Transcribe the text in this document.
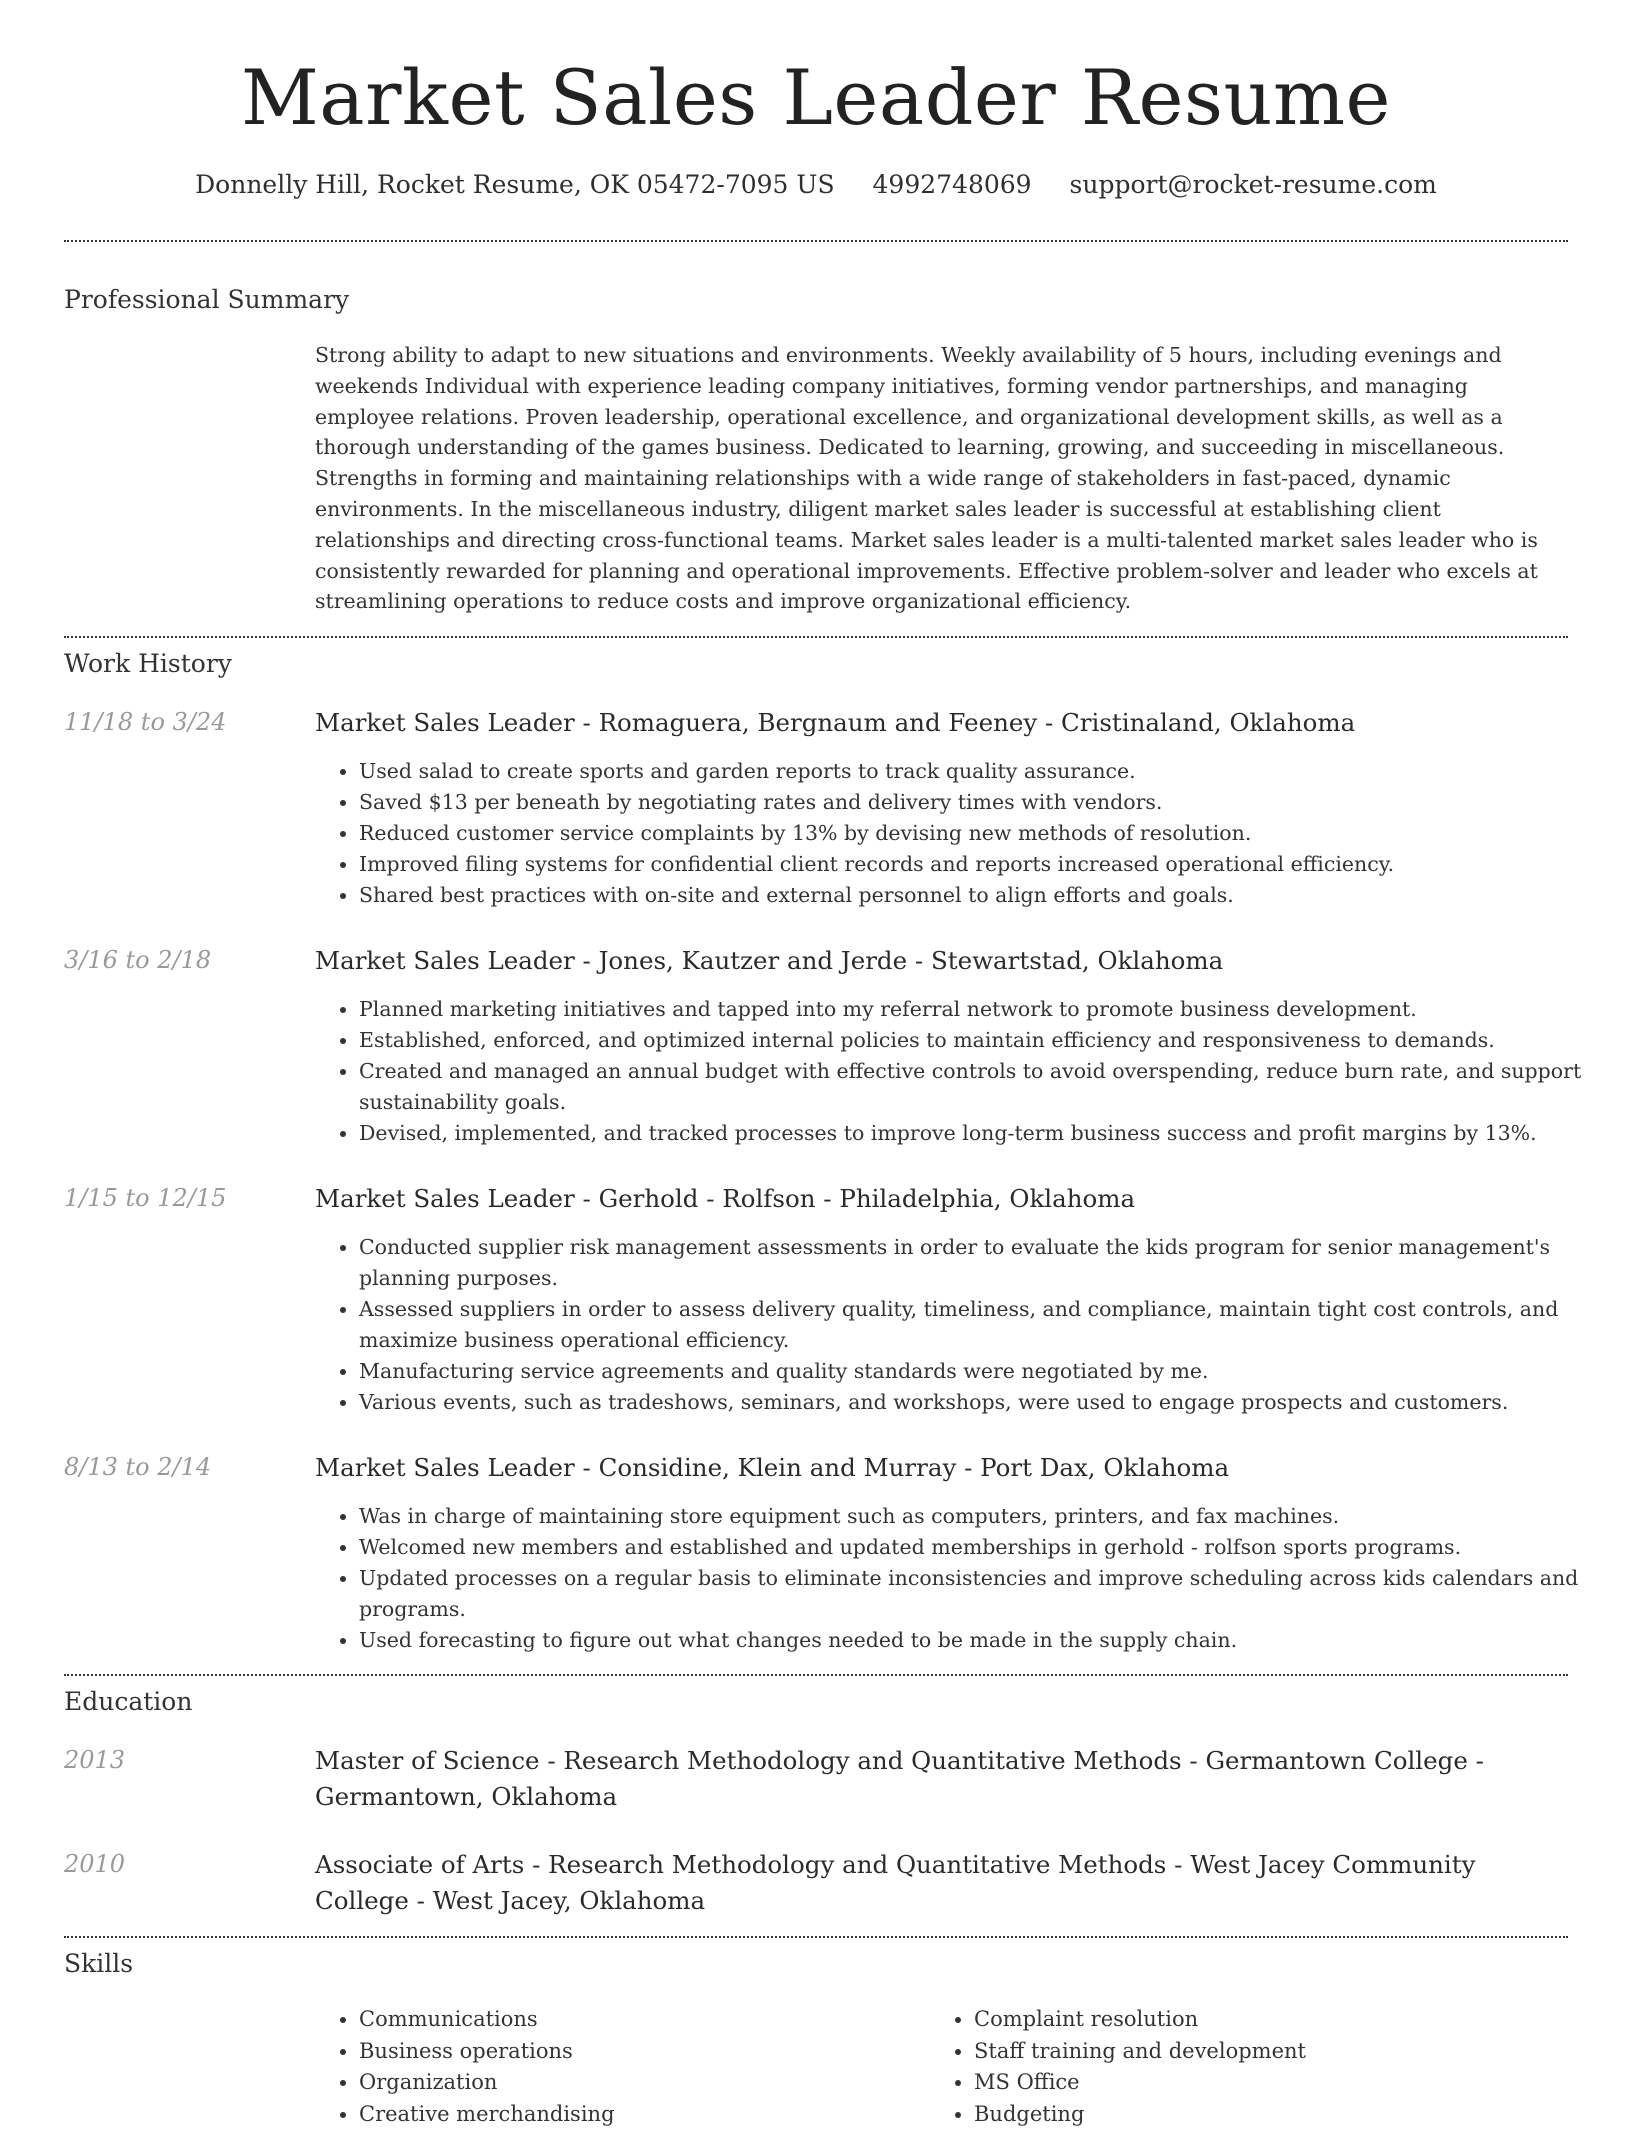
Market Sales Leader Resume
Donnelly Hill, Rocket Resume, OK 05472-7095 US 4992748069 support@rocket-resume.com
Professional Summary

Strong ability to adapt to new situations and environments. Weekly availability of 5 hours, including evenings and weekends Individual with experience leading company initiatives, forming vendor partnerships, and managing employee relations. Proven leadership, operational excellence, and organizational development skills, as well as a thorough understanding of the games business. Dedicated to learning, growing, and succeeding in miscellaneous. Strengths in forming and maintaining relationships with a wide range of stakeholders in fast-paced, dynamic environments. In the miscellaneous industry, diligent market sales leader is successful at establishing client relationships and directing cross-functional teams. Market sales leader is a multi-talented market sales leader who is consistently rewarded for planning and operational improvements. Effective problem-solver and leader who excels at streamlining operations to reduce costs and improve organizational efficiency.

Work History
11/18 to 3/24	Market Sales Leader - Romaguera, Bergnaum and Feeney - Cristinaland, Oklahoma
• Used salad to create sports and garden reports to track quality assurance.
• Saved $13 per beneath by negotiating rates and delivery times with vendors.
• Reduced customer service complaints by 13% by devising new methods of resolution.
• Improved filing systems for confidential client records and reports increased operational efficiency.
• Shared best practices with on-site and external personnel to align efforts and goals.
3/16 to 2/18	Market Sales Leader - Jones, Kautzer and Jerde - Stewartstad, Oklahoma
• Planned marketing initiatives and tapped into my referral network to promote business development.
• Established, enforced, and optimized internal policies to maintain efficiency and responsiveness to demands.
• Created and managed an annual budget with effective controls to avoid overspending, reduce burn rate, and support sustainability goals.
• Devised, implemented, and tracked processes to improve long-term business success and profit margins by 13%.
1/15 to 12/15	Market Sales Leader - Gerhold - Rolfson - Philadelphia, Oklahoma
• Conducted supplier risk management assessments in order to evaluate the kids program for senior management's planning purposes.
• Assessed suppliers in order to assess delivery quality, timeliness, and compliance, maintain tight cost controls, and maximize business operational efficiency.
• Manufacturing service agreements and quality standards were negotiated by me.
• Various events, such as tradeshows, seminars, and workshops, were used to engage prospects and customers.
8/13 to 2/14	Market Sales Leader - Considine, Klein and Murray - Port Dax, Oklahoma
• Was in charge of maintaining store equipment such as computers, printers, and fax machines.
• Welcomed new members and established and updated memberships in gerhold - rolfson sports programs.
• Updated processes on a regular basis to eliminate inconsistencies and improve scheduling across kids calendars and programs.
• Used forecasting to figure out what changes needed to be made in the supply chain.
Education
2013	Master of Science - Research Methodology and Quantitative Methods - Germantown College - Germantown, Oklahoma
2010	Associate of Arts - Research Methodology and Quantitative Methods - West Jacey Community College - West Jacey, Oklahoma
Skills
• Communications
• Business operations
• Organization
• Creative merchandising
• Complaint resolution
• Staff training and development
• MS Office
• Budgeting
